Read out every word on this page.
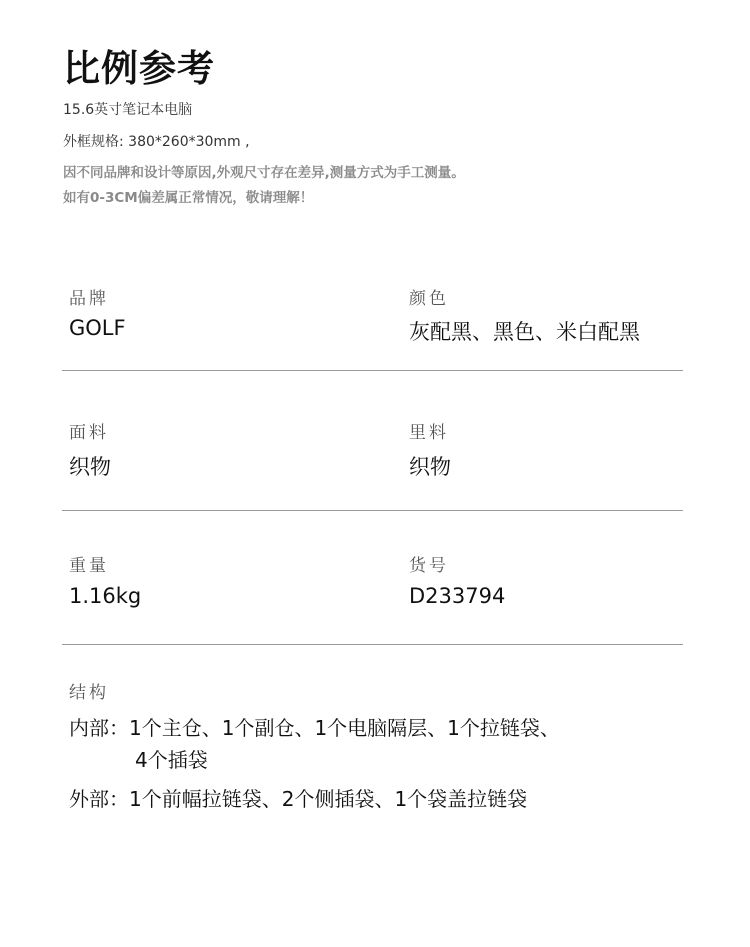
比例参考
15.6英寸笔记本电脑
外框规格: 380*260*30mm ,
因不同品牌和设计等原因,外观尺寸存在差异,测量方式为手工测量。
如有0-3CM偏差属正常情况，敬请理解！
品牌
GOLF
颜色
灰配黑、黑色、米白配黑
面料
织物
里料
织物
重量
1.16kg
货号
D233794
结构
内部：1个主仓、1个副仓、1个电脑隔层、1个拉链袋、
4个插袋
外部：1个前幅拉链袋、2个侧插袋、1个袋盖拉链袋
